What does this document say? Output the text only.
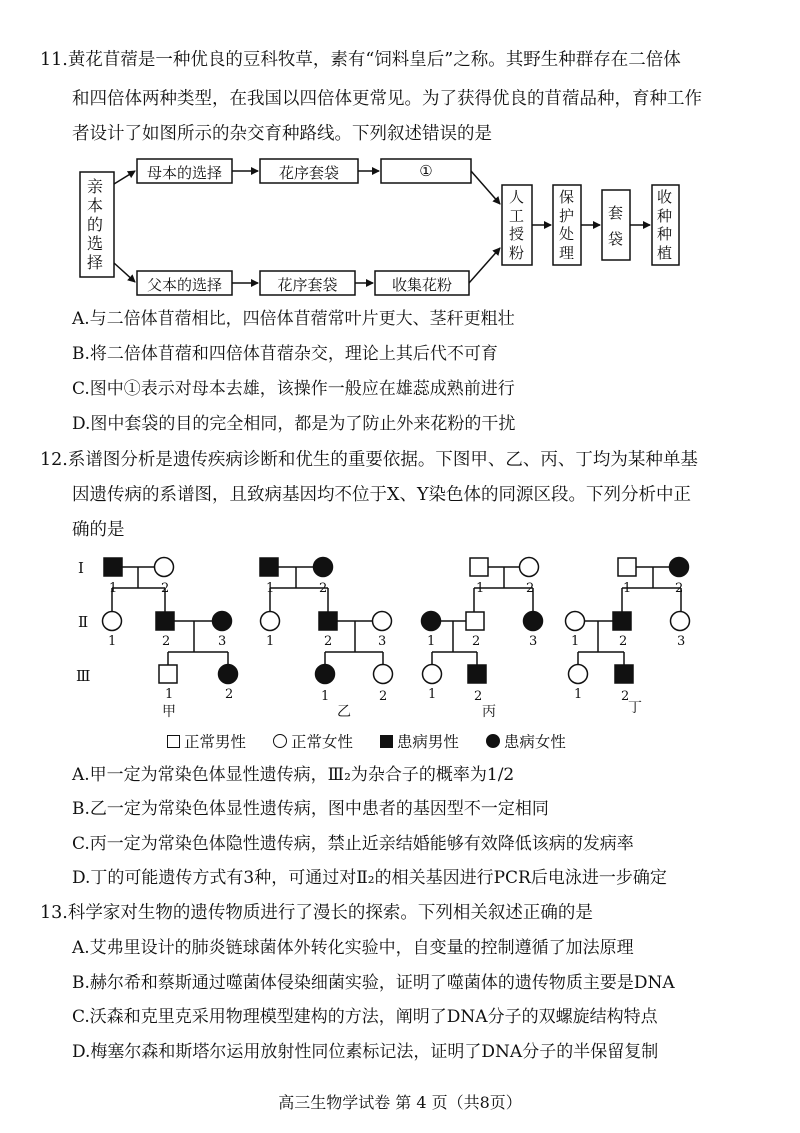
11.黄花苜蓿是一种优良的豆科牧草，素有“饲料皇后”之称。其野生种群存在二倍体
和四倍体两种类型，在我国以四倍体更常见。为了获得优良的苜蓿品种，育种工作
者设计了如图所示的杂交育种路线。下列叙述错误的是
亲本的选择
母本的选择	花序套袋	①
父本的选择	花序套袋	收集花粉
人工授粉
保护处理
套袋
收种种植
A.与二倍体苜蓿相比，四倍体苜蓿常叶片更大、茎秆更粗壮
B.将二倍体苜蓿和四倍体苜蓿杂交，理论上其后代不可育
C.图中①表示对母本去雄，该操作一般应在雄蕊成熟前进行
D.图中套袋的目的完全相同，都是为了防止外来花粉的干扰
12.系谱图分析是遗传疾病诊断和优生的重要依据。下图甲、乙、丙、丁均为某种单基
因遗传病的系谱图，且致病基因均不位于X、Y染色体的同源区段。下列分析中正
确的是
Ⅰ
Ⅱ
Ⅲ
1	2
1	2	3
1	2
1	2
1	2	3
1	2
1	2
1	2	3
1	2
1	2
1	2	3
1	2
甲	乙	丙	丁
正常男性	正常女性	患病男性	患病女性
A.甲一定为常染色体显性遗传病，Ⅲ₂为杂合子的概率为1/2
B.乙一定为常染色体显性遗传病，图中患者的基因型不一定相同
C.丙一定为常染色体隐性遗传病，禁止近亲结婚能够有效降低该病的发病率
D.丁的可能遗传方式有3种，可通过对Ⅱ₂的相关基因进行PCR后电泳进一步确定
13.科学家对生物的遗传物质进行了漫长的探索。下列相关叙述正确的是
A.艾弗里设计的肺炎链球菌体外转化实验中，自变量的控制遵循了加法原理
B.赫尔希和蔡斯通过噬菌体侵染细菌实验，证明了噬菌体的遗传物质主要是DNA
C.沃森和克里克采用物理模型建构的方法，阐明了DNA分子的双螺旋结构特点
D.梅塞尔森和斯塔尔运用放射性同位素标记法，证明了DNA分子的半保留复制
高三生物学试卷 第 4 页（共8页）
